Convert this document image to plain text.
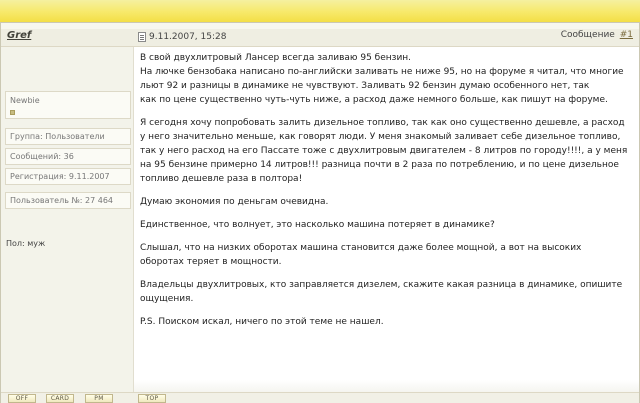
Gref	9.11.2007, 15:28	Сообщение #1
Newbie
Группа: Пользователи
Сообщений: 36
Регистрация: 9.11.2007
Пользователь №: 27 464
Пол: муж

В свой двухлитровый Лансер всегда заливаю 95 бензин.

На лючке бензобака написано по-английски заливать не ниже 95, но на форуме я читал, что многие

льют 92 и разницы в динамике не чувствуют. Заливать 92 бензин думаю особенного нет, так

как по цене существенно чуть-чуть ниже, а расход даже немного больше, как пишут на форуме.

Я сегодня хочу попробовать залить дизельное топливо, так как оно существенно дешевле, а расход

у него значительно меньше, как говорят люди. У меня знакомый заливает себе дизельное топливо,

так у него расход на его Пассате тоже с двухлитровым двигателем - 8 литров по городу!!!!, а у меня

на 95 бензине примерно 14 литров!!! разница почти в 2 раза по потреблению, и по цене дизельное

топливо дешевле раза в полтора!

Думаю экономия по деньгам очевидна.

Единственное, что волнует, это насколько машина потеряет в динамике?

Слышал, что на низких оборотах машина становится даже более мощной, а вот на высоких

оборотах теряет в мощности.

Владельцы двухлитровых, кто заправляется дизелем, скажите какая разница в динамике, опишите

ощущения.

P.S. Поиском искал, ничего по этой теме не нашел.

OFF	CARD	PM	TOP
